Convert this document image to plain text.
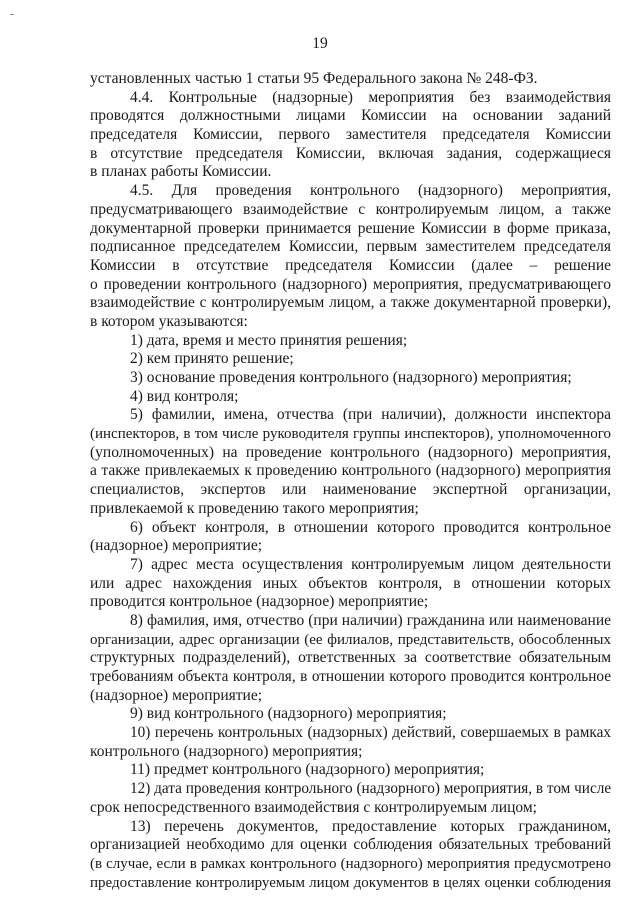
-
19
установленных частью 1 статьи 95 Федерального закона № 248-ФЗ.
4.4. Контрольные (надзорные) мероприятия без взаимодействия
проводятся должностными лицами Комиссии на основании заданий
председателя Комиссии, первого заместителя председателя Комиссии
в отсутствие председателя Комиссии, включая задания, содержащиеся
в планах работы Комиссии.
4.5. Для проведения контрольного (надзорного) мероприятия,
предусматривающего взаимодействие с контролируемым лицом, а также
документарной проверки принимается решение Комиссии в форме приказа,
подписанное председателем Комиссии, первым заместителем председателя
Комиссии в отсутствие председателя Комиссии (далее – решение
о проведении контрольного (надзорного) мероприятия, предусматривающего
взаимодействие с контролируемым лицом, а также документарной проверки),
в котором указываются:
1) дата, время и место принятия решения;
2) кем принято решение;
3) основание проведения контрольного (надзорного) мероприятия;
4) вид контроля;
5) фамилии, имена, отчества (при наличии), должности инспектора
(инспекторов, в том числе руководителя группы инспекторов), уполномоченного
(уполномоченных) на проведение контрольного (надзорного) мероприятия,
а также привлекаемых к проведению контрольного (надзорного) мероприятия
специалистов, экспертов или наименование экспертной организации,
привлекаемой к проведению такого мероприятия;
6) объект контроля, в отношении которого проводится контрольное
(надзорное) мероприятие;
7) адрес места осуществления контролируемым лицом деятельности
или адрес нахождения иных объектов контроля, в отношении которых
проводится контрольное (надзорное) мероприятие;
8) фамилия, имя, отчество (при наличии) гражданина или наименование
организации, адрес организации (ее филиалов, представительств, обособленных
структурных подразделений), ответственных за соответствие обязательным
требованиям объекта контроля, в отношении которого проводится контрольное
(надзорное) мероприятие;
9) вид контрольного (надзорного) мероприятия;
10) перечень контрольных (надзорных) действий, совершаемых в рамках
контрольного (надзорного) мероприятия;
11) предмет контрольного (надзорного) мероприятия;
12) дата проведения контрольного (надзорного) мероприятия, в том числе
срок непосредственного взаимодействия с контролируемым лицом;
13) перечень документов, предоставление которых гражданином,
организацией необходимо для оценки соблюдения обязательных требований
(в случае, если в рамках контрольного (надзорного) мероприятия предусмотрено
предоставление контролируемым лицом документов в целях оценки соблюдения
